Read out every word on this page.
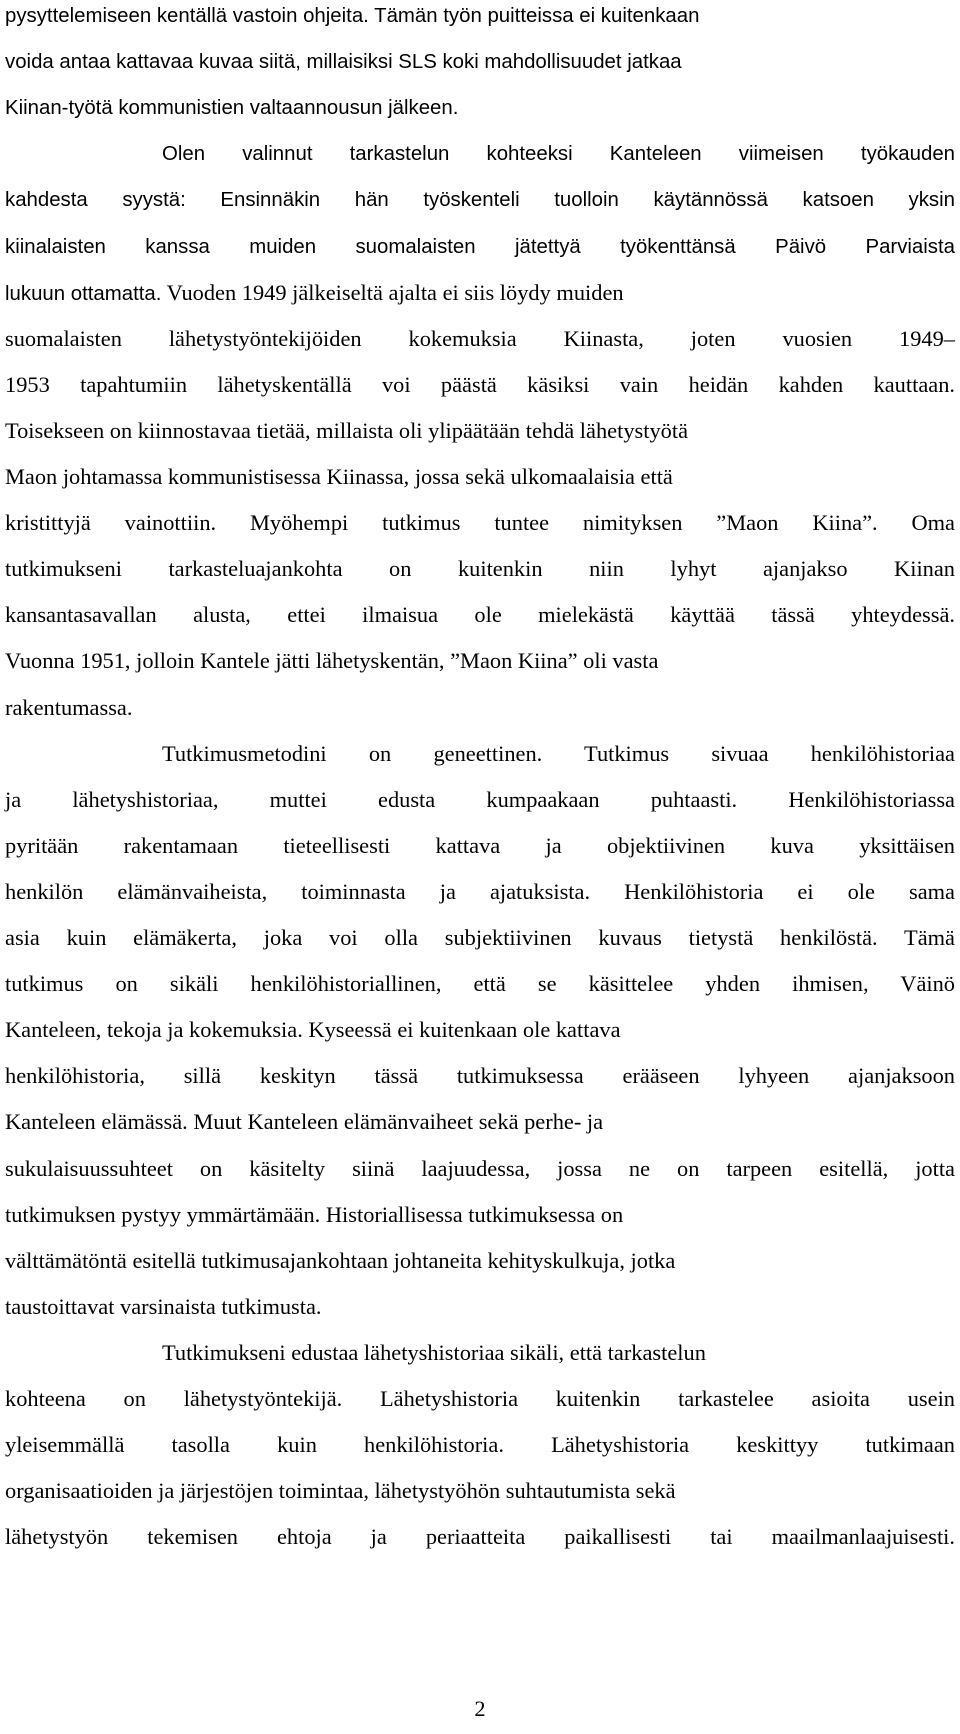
pysyttelemiseen kentällä vastoin ohjeita. Tämän työn puitteissa ei kuitenkaan
voida antaa kattavaa kuvaa siitä, millaisiksi SLS koki mahdollisuudet jatkaa
Kiinan-työtä kommunistien valtaannousun jälkeen.
Olen valinnut tarkastelun kohteeksi Kanteleen viimeisen työkauden
kahdesta syystä: Ensinnäkin hän työskenteli tuolloin käytännössä katsoen yksin
kiinalaisten kanssa muiden suomalaisten jätettyä työkenttänsä Päivö Parviaista
lukuun ottamatta. Vuoden 1949 jälkeiseltä ajalta ei siis löydy muiden
suomalaisten lähetystyöntekijöiden kokemuksia Kiinasta, joten vuosien 1949–
1953 tapahtumiin lähetyskentällä voi päästä käsiksi vain heidän kahden kauttaan.
Toisekseen on kiinnostavaa tietää, millaista oli ylipäätään tehdä lähetystyötä
Maon johtamassa kommunistisessa Kiinassa, jossa sekä ulkomaalaisia että
kristittyjä vainottiin. Myöhempi tutkimus tuntee nimityksen ”Maon Kiina”. Oma
tutkimukseni tarkasteluajankohta on kuitenkin niin lyhyt ajanjakso Kiinan
kansantasavallan alusta, ettei ilmaisua ole mielekästä käyttää tässä yhteydessä.
Vuonna 1951, jolloin Kantele jätti lähetyskentän, ”Maon Kiina” oli vasta
rakentumassa.
Tutkimusmetodini on geneettinen. Tutkimus sivuaa henkilöhistoriaa
ja lähetyshistoriaa, muttei edusta kumpaakaan puhtaasti. Henkilöhistoriassa
pyritään rakentamaan tieteellisesti kattava ja objektiivinen kuva yksittäisen
henkilön elämänvaiheista, toiminnasta ja ajatuksista. Henkilöhistoria ei ole sama
asia kuin elämäkerta, joka voi olla subjektiivinen kuvaus tietystä henkilöstä. Tämä
tutkimus on sikäli henkilöhistoriallinen, että se käsittelee yhden ihmisen, Väinö
Kanteleen, tekoja ja kokemuksia. Kyseessä ei kuitenkaan ole kattava
henkilöhistoria, sillä keskityn tässä tutkimuksessa erääseen lyhyeen ajanjaksoon
Kanteleen elämässä. Muut Kanteleen elämänvaiheet sekä perhe- ja
sukulaisuussuhteet on käsitelty siinä laajuudessa, jossa ne on tarpeen esitellä, jotta
tutkimuksen pystyy ymmärtämään. Historiallisessa tutkimuksessa on
välttämätöntä esitellä tutkimusajankohtaan johtaneita kehityskulkuja, jotka
taustoittavat varsinaista tutkimusta.
Tutkimukseni edustaa lähetyshistoriaa sikäli, että tarkastelun
kohteena on lähetystyöntekijä. Lähetyshistoria kuitenkin tarkastelee asioita usein
yleisemmällä tasolla kuin henkilöhistoria. Lähetyshistoria keskittyy tutkimaan
organisaatioiden ja järjestöjen toimintaa, lähetystyöhön suhtautumista sekä
lähetystyön tekemisen ehtoja ja periaatteita paikallisesti tai maailmanlaajuisesti.
2
